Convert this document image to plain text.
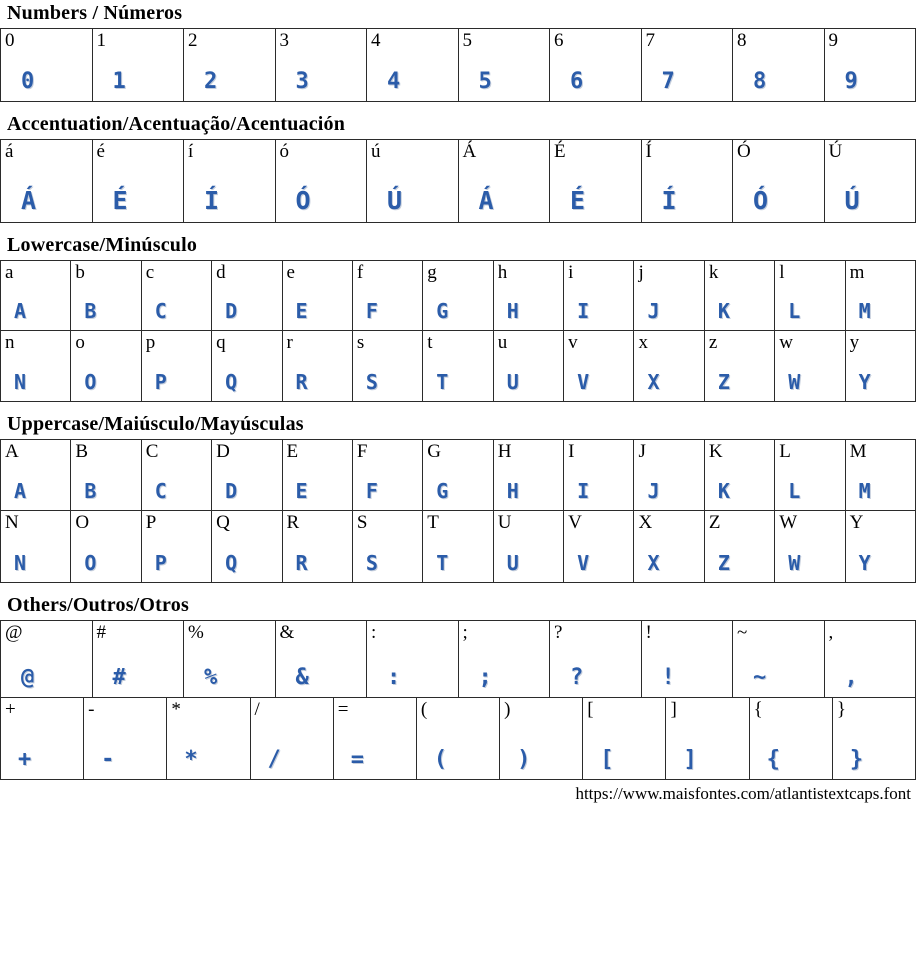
Numbers / Números
0
0
1
1
2
2
3
3
4
4
5
5
6
6
7
7
8
8
9
9
Accentuation/Acentuação/Acentuación
á
Á
é
É
í
Í
ó
Ó
ú
Ú
Á
Á
É
É
Í
Í
Ó
Ó
Ú
Ú
Lowercase/Minúsculo
a
A
b
B
c
C
d
D
e
E
f
F
g
G
h
H
i
I
j
J
k
K
l
L
m
M
n
N
o
O
p
P
q
Q
r
R
s
S
t
T
u
U
v
V
x
X
z
Z
w
W
y
Y
Uppercase/Maiúsculo/Mayúsculas
A
A
B
B
C
C
D
D
E
E
F
F
G
G
H
H
I
I
J
J
K
K
L
L
M
M
N
N
O
O
P
P
Q
Q
R
R
S
S
T
T
U
U
V
V
X
X
Z
Z
W
W
Y
Y
Others/Outros/Otros
@
@
#
#
%
%
&
&
:
:
;
;
?
?
!
!
~
~
,
,
+
+
-
-
*
*
/
/
=
=
(
(
)
)
[
[
]
]
{
{
}
}
https://www.maisfontes.com/atlantistextcaps.font
